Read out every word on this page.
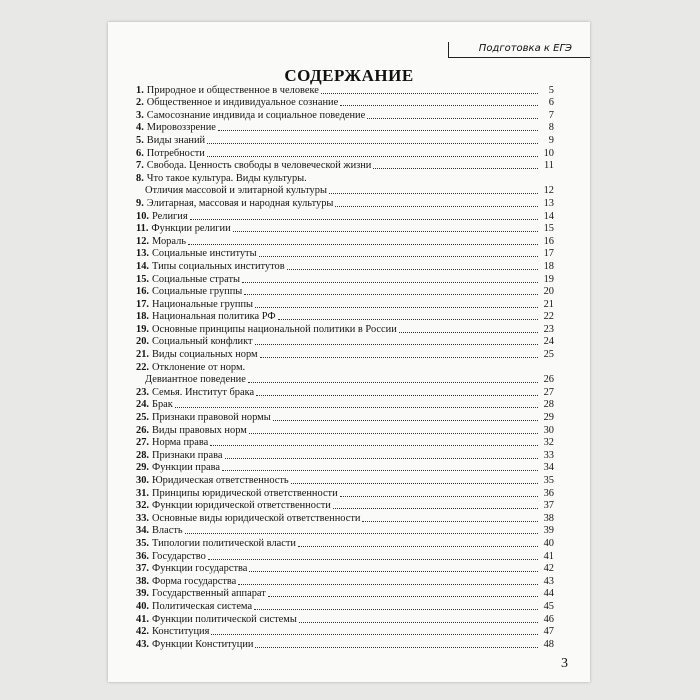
Подготовка к ЕГЭ
СОДЕРЖАНИЕ
1. Природное и общественное в человеке	5
2. Общественное и индивидуальное сознание	6
3. Самосознание индивида и социальное поведение	7
4. Мировоззрение	8
5. Виды знаний	9
6. Потребности	10
7. Свобода. Ценность свободы в человеческой жизни	11
8. Что такое культура. Виды культуры.
Отличия массовой и элитарной культуры	12
9. Элитарная, массовая и народная культуры	13
10. Религия	14
11. Функции религии	15
12. Мораль	16
13. Социальные институты	17
14. Типы социальных институтов	18
15. Социальные страты	19
16. Социальные группы	20
17. Национальные группы	21
18. Национальная политика РФ	22
19. Основные принципы национальной политики в России	23
20. Социальный конфликт	24
21. Виды социальных норм	25
22. Отклонение от норм.
Девиантное поведение	26
23. Семья. Институт брака	27
24. Брак	28
25. Признаки правовой нормы	29
26. Виды правовых норм	30
27. Норма права	32
28. Признаки права	33
29. Функции права	34
30. Юридическая ответственность	35
31. Принципы юридической ответственности	36
32. Функции юридической ответственности	37
33. Основные виды юридической ответственности	38
34. Власть	39
35. Типологии политической власти	40
36. Государство	41
37. Функции государства	42
38. Форма государства	43
39. Государственный аппарат	44
40. Политическая система	45
41. Функции политической системы	46
42. Конституция	47
43. Функции Конституции	48
3
